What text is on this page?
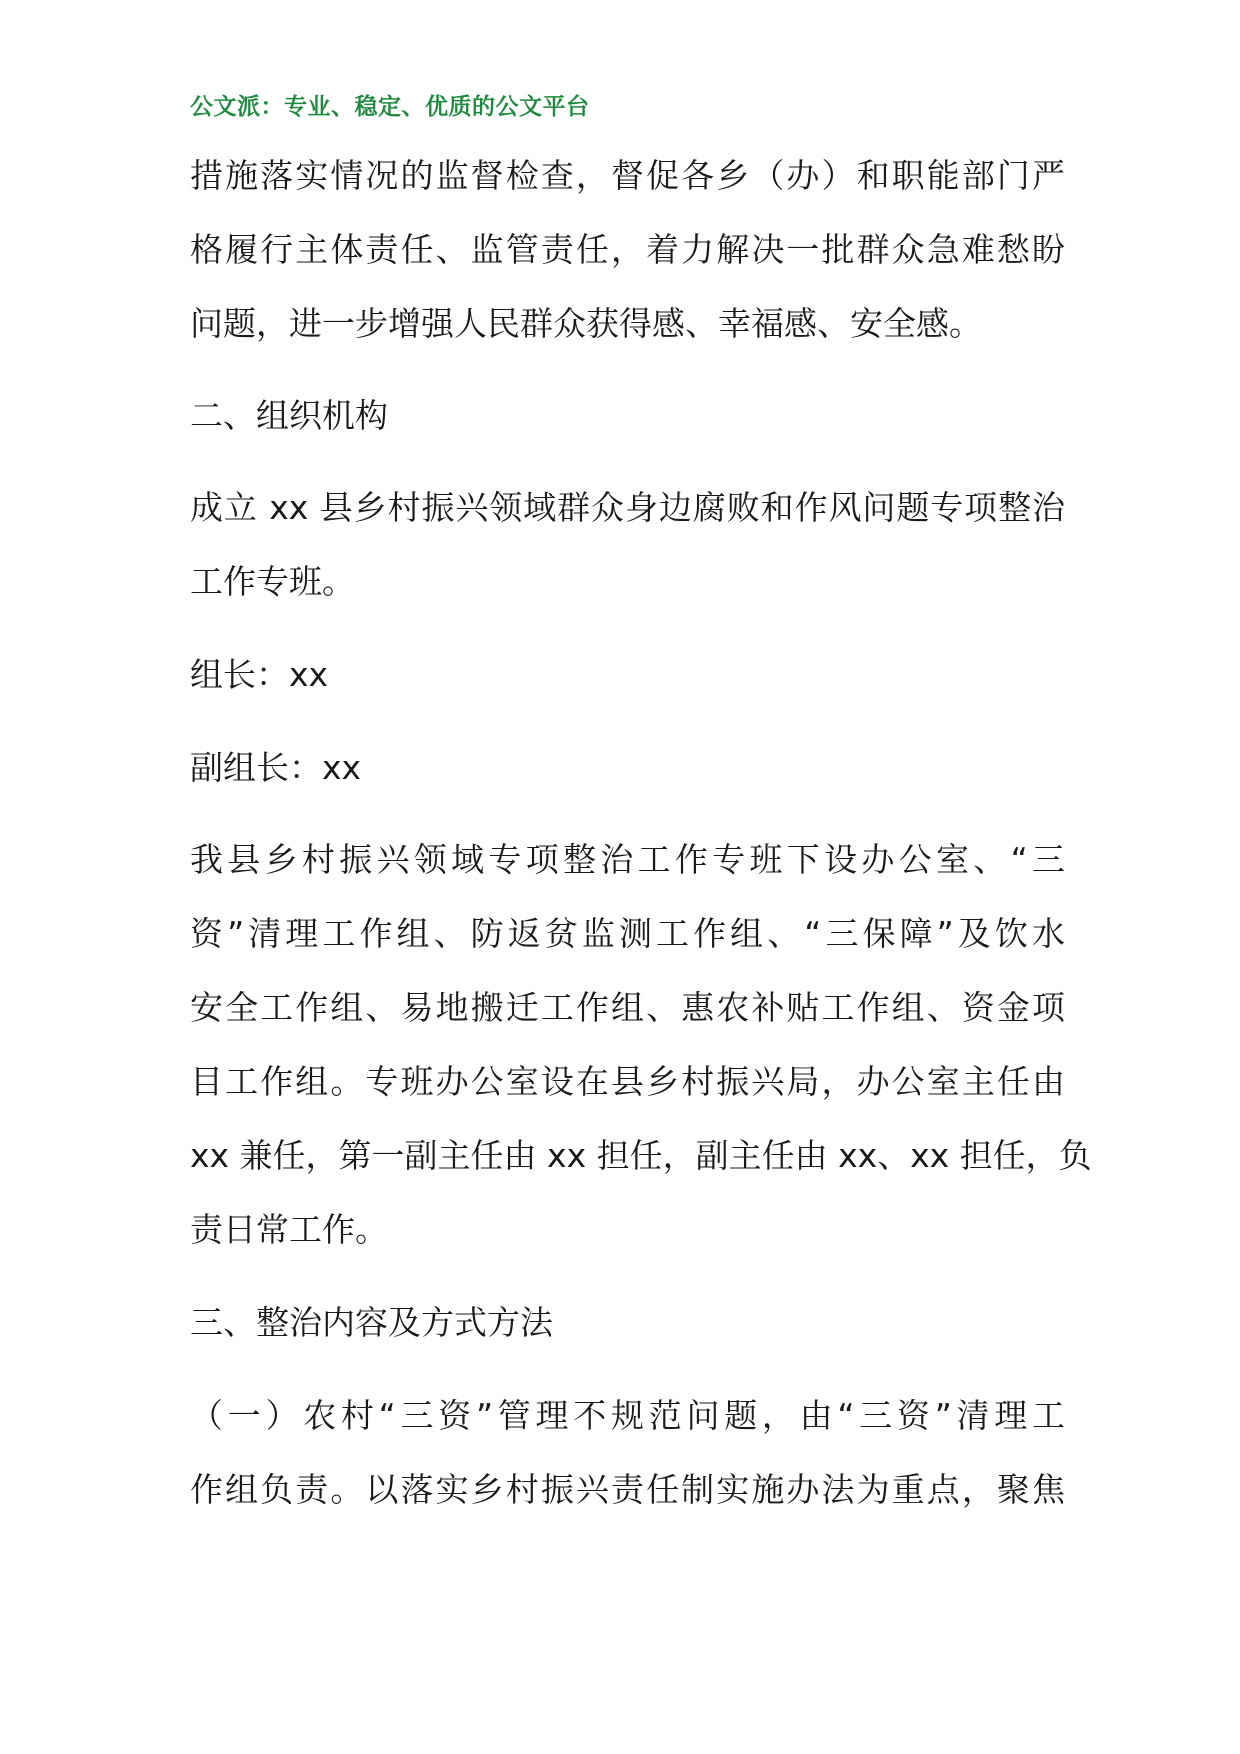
公文派：专业、稳定、优质的公文平台
措施落实情况的监督检查，督促各乡（办）和职能部门严
格履行主体责任、监管责任，着力解决一批群众急难愁盼
问题，进一步增强人民群众获得感、幸福感、安全感。
二、组织机构
成立 xx 县乡村振兴领域群众身边腐败和作风问题专项整治
工作专班。
组长：xx
副组长：xx
我县乡村振兴领域专项整治工作专班下设办公室、“三
资”清理工作组、防返贫监测工作组、“三保障”及饮水
安全工作组、易地搬迁工作组、惠农补贴工作组、资金项
目工作组。专班办公室设在县乡村振兴局，办公室主任由
xx 兼任，第一副主任由 xx 担任，副主任由 xx、xx 担任，负
责日常工作。
三、整治内容及方式方法
（一）农村“三资”管理不规范问题，由“三资”清理工
作组负责。以落实乡村振兴责任制实施办法为重点，聚焦
